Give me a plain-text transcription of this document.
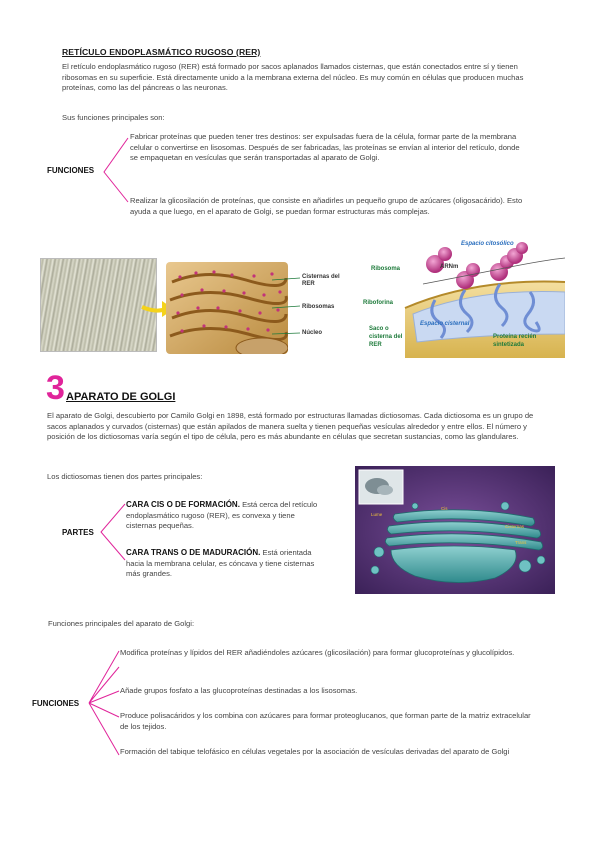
RETÍCULO ENDOPLASMÁTICO RUGOSO (RER)
El retículo endoplasmático rugoso (RER) está formado por sacos aplanados llamados cisternas, que están conectados entre sí y tienen ribosomas en su superficie. Está directamente unido a la membrana externa del núcleo. Es muy común en células que producen muchas proteínas, como las del páncreas o las neuronas.
Sus funciones principales son:
FUNCIONES
Fabricar proteínas que pueden tener tres destinos: ser expulsadas fuera de la célula, formar parte de la membrana celular o convertirse en lisosomas. Después de ser fabricadas, las proteínas se envían al interior del retículo, donde se empaquetan en vesículas que serán transportadas al aparato de Golgi.
Realizar la glicosilación de proteínas, que consiste en añadirles un pequeño grupo de azúcares (oligosacárido). Esto ayuda a que luego, en el aparato de Golgi, se puedan formar estructuras más complejas.
Cisternas del RER
Ribosomas
Núcleo
Espacio citosólico
Ribosoma	ARNm
Riboforina
Espacio cisternal
Saco o cisterna del RER
Proteína recién sintetizada
3 APARATO DE GOLGI
El aparato de Golgi, descubierto por Camilo Golgi en 1898, está formado por estructuras llamadas dictiosomas. Cada dictiosoma es un grupo de sacos aplanados y curvados (cisternas) que están apilados de manera suelta y tienen pequeñas vesículas alrededor y entre ellos. El número y posición de los dictiosomas varía según el tipo de célula, pero es más abundante en células que secretan sustancias, como las glandulares.
Los dictiosomas tienen dos partes principales:
PARTES
CARA CIS O DE FORMACIÓN. Está cerca del retículo endoplasmático rugoso (RER), es convexa y tiene cisternas pequeñas.
CARA TRANS O DE MADURACIÓN. Está orientada hacia la membrana celular, es cóncava y tiene cisternas más grandes.
Lume
Cis
Cisternas
Trans
Funciones principales del aparato de Golgi:
FUNCIONES
Modifica proteínas y lípidos del RER añadiéndoles azúcares (glicosilación) para formar glucoproteínas y glucolípidos.
Añade grupos fosfato a las glucoproteínas destinadas a los lisosomas.
Produce polisacáridos y los combina con azúcares para formar proteoglucanos, que forman parte de la matriz extracelular de los tejidos.
Formación del tabique telofásico en células vegetales por la asociación de vesículas derivadas del aparato de Golgi
